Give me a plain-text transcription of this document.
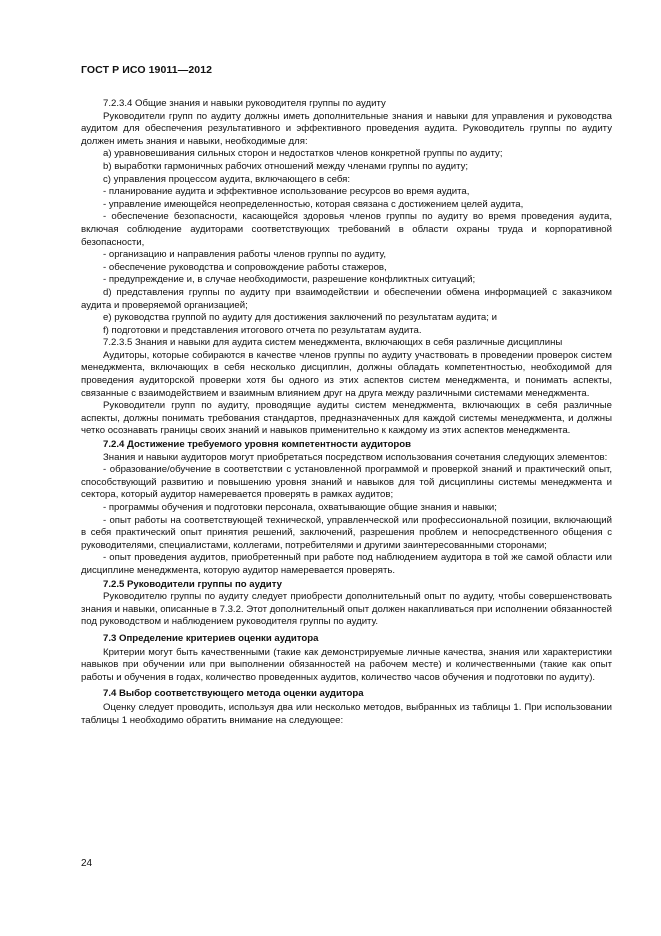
ГОСТ Р ИСО 19011—2012

7.2.3.4 Общие знания и навыки руководителя группы по аудиту

Руководители групп по аудиту должны иметь дополнительные знания и навыки для управления и руководства аудитом для обеспечения результативного и эффективного проведения аудита. Руководитель группы по аудиту должен иметь знания и навыки, необходимые для:

a) уравновешивания сильных сторон и недостатков членов конкретной группы по аудиту;

b) выработки гармоничных рабочих отношений между членами группы по аудиту;

c) управления процессом аудита, включающего в себя:

- планирование аудита и эффективное использование ресурсов во время аудита,

- управление имеющейся неопределенностью, которая связана с достижением целей аудита,

- обеспечение безопасности, касающейся здоровья членов группы по аудиту во время проведения аудита, включая соблюдение аудиторами соответствующих требований в области охраны труда и корпоративной безопасности,

- организацию и направления работы членов группы по аудиту,

- обеспечение руководства и сопровождение работы стажеров,

- предупреждение и, в случае необходимости, разрешение конфликтных ситуаций;

d) представления группы по аудиту при взаимодействии и обеспечении обмена информацией с заказчиком аудита и проверяемой организацией;

e) руководства группой по аудиту для достижения заключений по результатам аудита; и

f) подготовки и представления итогового отчета по результатам аудита.

7.2.3.5 Знания и навыки для аудита систем менеджмента, включающих в себя различные дисциплины

Аудиторы, которые собираются в качестве членов группы по аудиту участвовать в проведении проверок систем менеджмента, включающих в себя несколько дисциплин, должны обладать компетентностью, необходимой для проведения аудиторской проверки хотя бы одного из этих аспектов систем менеджмента, и понимать аспекты, связанные с взаимодействием и взаимным влиянием друг на друга между различными системами менеджмента.

Руководители групп по аудиту, проводящие аудиты систем менеджмента, включающих в себя различные аспекты, должны понимать требования стандартов, предназначенных для каждой системы менеджмента, и должны четко осознавать границы своих знаний и навыков применительно к каждому из этих аспектов менеджмента.

7.2.4 Достижение требуемого уровня компетентности аудиторов

Знания и навыки аудиторов могут приобретаться посредством использования сочетания следующих элементов:

- образование/обучение в соответствии с установленной программой и проверкой знаний и практический опыт, способствующий развитию и повышению уровня знаний и навыков для той дисциплины системы менеджмента и сектора, который аудитор намеревается проверять в рамках аудитов;

- программы обучения и подготовки персонала, охватывающие общие знания и навыки;

- опыт работы на соответствующей технической, управленческой или профессиональной позиции, включающий в себя практический опыт принятия решений, заключений, разрешения проблем и непосредственного общения с руководителями, специалистами, коллегами, потребителями и другими заинтересованными сторонами;

- опыт проведения аудитов, приобретенный при работе под наблюдением аудитора в той же самой области или дисциплине менеджмента, которую аудитор намеревается проверять.

7.2.5 Руководители группы по аудиту

Руководителю группы по аудиту следует приобрести дополнительный опыт по аудиту, чтобы совершенствовать знания и навыки, описанные в 7.3.2. Этот дополнительный опыт должен накапливаться при исполнении обязанностей под руководством и наблюдением руководителя группы по аудиту.

7.3 Определение критериев оценки аудитора

Критерии могут быть качественными (такие как демонстрируемые личные качества, знания или характеристики навыков при обучении или при выполнении обязанностей на рабочем месте) и количественными (такие как опыт работы и обучения в годах, количество проведенных аудитов, количество часов обучения и подготовки по аудиту).

7.4 Выбор соответствующего метода оценки аудитора

Оценку следует проводить, используя два или несколько методов, выбранных из таблицы 1. При использовании таблицы 1 необходимо обратить внимание на следующее:

24
